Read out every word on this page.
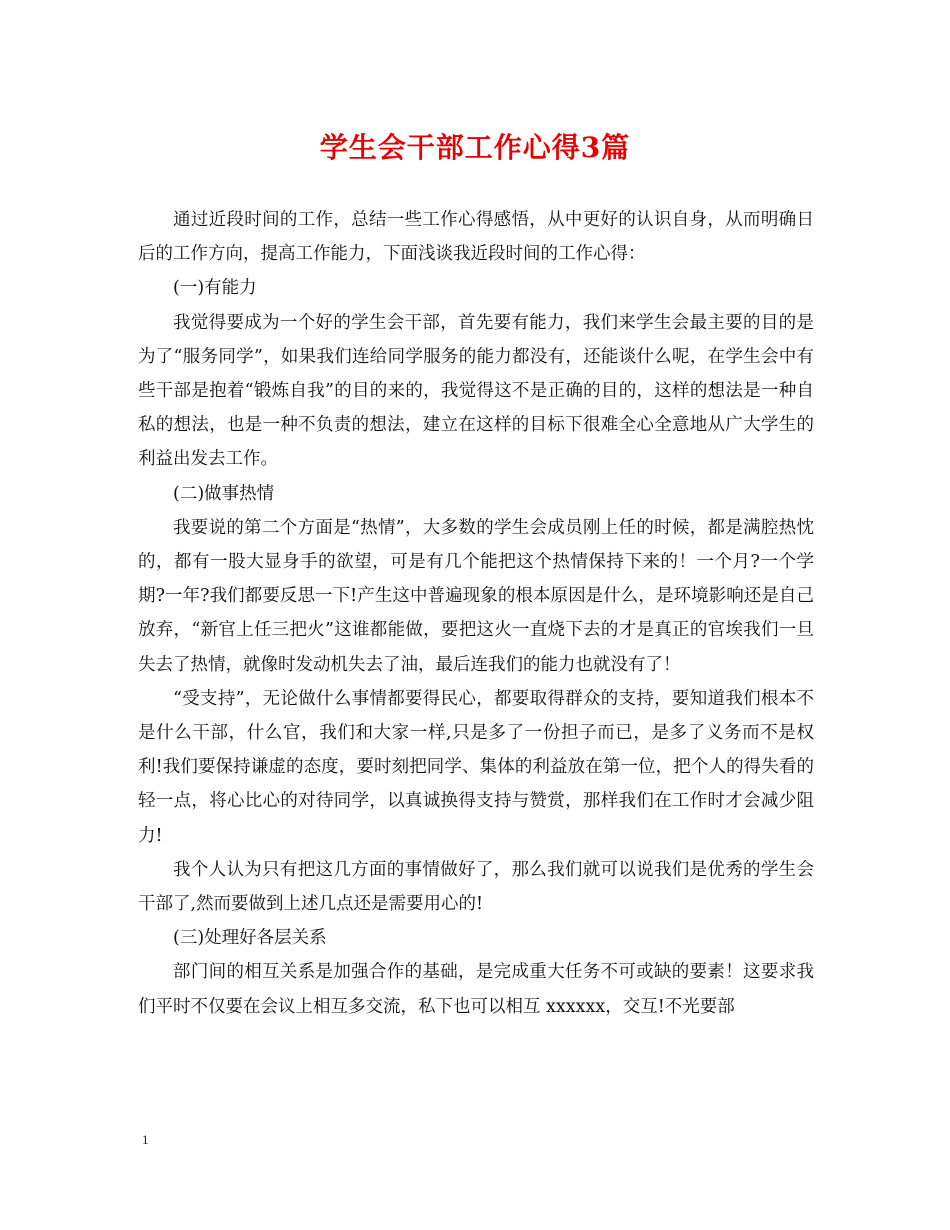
学生会干部工作心得3篇

通过近段时间的工作，总结一些工作心得感悟，从中更好的认识自身，从而明确日后的工作方向，提高工作能力，下面浅谈我近段时间的工作心得：

(一)有能力

我觉得要成为一个好的学生会干部，首先要有能力，我们来学生会最主要的目的是为了“服务同学”，如果我们连给同学服务的能力都没有，还能谈什么呢，在学生会中有些干部是抱着“锻炼自我”的目的来的，我觉得这不是正确的目的，这样的想法是一种自私的想法，也是一种不负责的想法，建立在这样的目标下很难全心全意地从广大学生的利益出发去工作。

(二)做事热情

我要说的第二个方面是“热情”，大多数的学生会成员刚上任的时候，都是满腔热忱的，都有一股大显身手的欲望，可是有几个能把这个热情保持下来的！一个月?一个学期?一年?我们都要反思一下!产生这中普遍现象的根本原因是什么，是环境影响还是自己放弃，“新官上任三把火”这谁都能做，要把这火一直烧下去的才是真正的官埃我们一旦失去了热情，就像时发动机失去了油，最后连我们的能力也就没有了！

“受支持”，无论做什么事情都要得民心，都要取得群众的支持，要知道我们根本不是什么干部，什么官，我们和大家一样,只是多了一份担子而已，是多了义务而不是权利!我们要保持谦虚的态度，要时刻把同学、集体的利益放在第一位，把个人的得失看的轻一点，将心比心的对待同学，以真诚换得支持与赞赏，那样我们在工作时才会减少阻力!

我个人认为只有把这几方面的事情做好了，那么我们就可以说我们是优秀的学生会干部了,然而要做到上述几点还是需要用心的!

(三)处理好各层关系

部门间的相互关系是加强合作的基础，是完成重大任务不可或缺的要素！这要求我们平时不仅要在会议上相互多交流，私下也可以相互 xxxxxx，交互!不光要部

1
